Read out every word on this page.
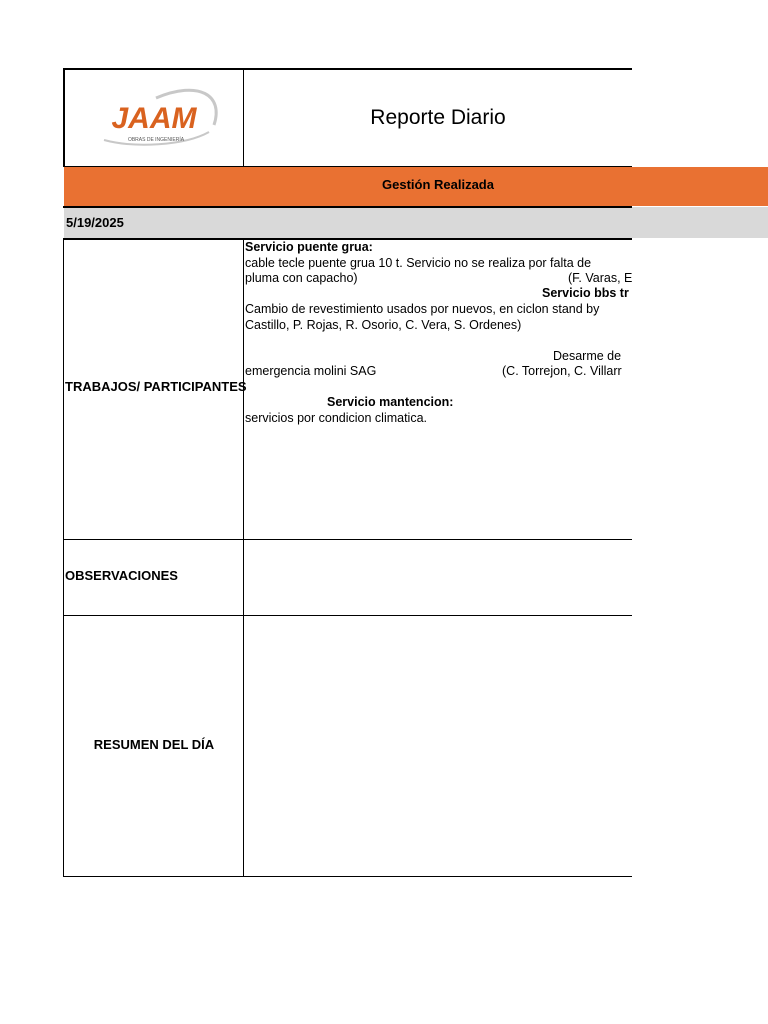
JAAM
OBRAS DE INGENIERÍA
Reporte Diario
Gestión Realizada
5/19/2025
TRABAJOS/ PARTICIPANTES
OBSERVACIONES
RESUMEN DEL DÍA
Servicio puente grua:
cable tecle puente grua 10 t. Servicio no se realiza por falta de
pluma con capacho)	(F. Varas, E
Servicio bbs tr
Cambio de revestimiento usados por nuevos, en ciclon stand by
Castillo, P. Rojas, R. Osorio, C. Vera, S. Ordenes)
Desarme de
emergencia molini SAG	(C. Torrejon, C. Villarr
Servicio mantencion:
servicios por condicion climatica.
